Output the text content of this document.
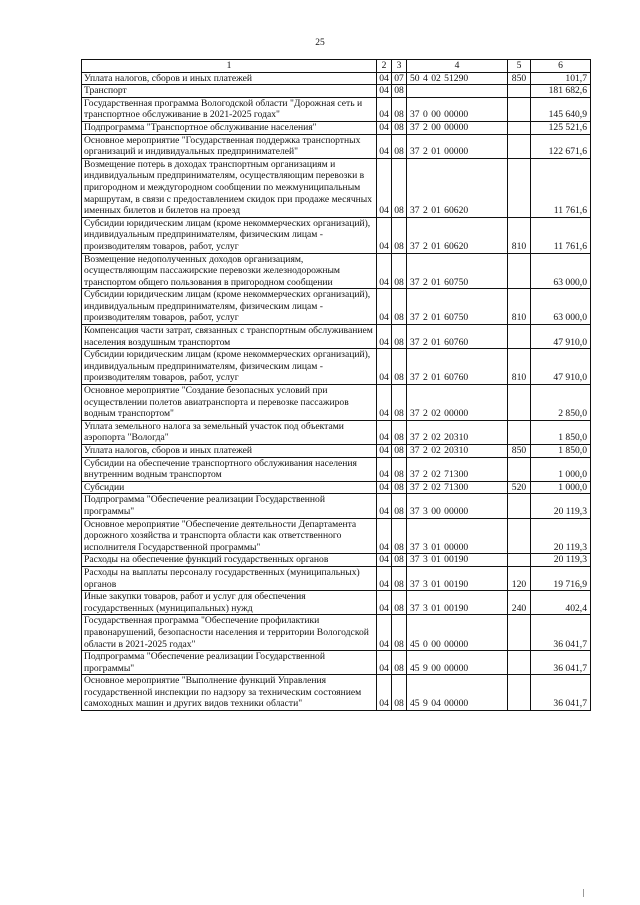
25
1	2	3	4	5	6
Уплата налогов, сборов и иных платежей	04	07	50 4 02 51290	850	101,7
Транспорт	04	08			181 682,6
Государственная программа Вологодской области "Дорожная сеть и транспортное обслуживание в 2021-2025 годах"	04	08	37 0 00 00000		145 640,9
Подпрограмма "Транспортное обслуживание населения"	04	08	37 2 00 00000		125 521,6
Основное мероприятие "Государственная поддержка транспортных организаций и индивидуальных предпринимателей"	04	08	37 2 01 00000		122 671,6
Возмещение потерь в доходах транспортным организациям и индивидуальным предпринимателям, осуществляющим перевозки в пригородном и междугородном сообщении по межмуниципальным маршрутам, в связи с предоставлением скидок при продаже месячных именных билетов и билетов на проезд	04	08	37 2 01 60620		11 761,6
Субсидии юридическим лицам (кроме некоммерческих организаций), индивидуальным предпринимателям, физическим лицам - производителям товаров, работ, услуг	04	08	37 2 01 60620	810	11 761,6
Возмещение недополученных доходов организациям, осуществляющим пассажирские перевозки железнодорожным транспортом общего пользования в пригородном сообщении	04	08	37 2 01 60750		63 000,0
Субсидии юридическим лицам (кроме некоммерческих организаций), индивидуальным предпринимателям, физическим лицам - производителям товаров, работ, услуг	04	08	37 2 01 60750	810	63 000,0
Компенсация части затрат, связанных с транспортным обслуживанием населения воздушным транспортом	04	08	37 2 01 60760		47 910,0
Субсидии юридическим лицам (кроме некоммерческих организаций), индивидуальным предпринимателям, физическим лицам - производителям товаров, работ, услуг	04	08	37 2 01 60760	810	47 910,0
Основное мероприятие "Создание безопасных условий при осуществлении полетов авиатранспорта и перевозке пассажиров водным транспортом"	04	08	37 2 02 00000		2 850,0
Уплата земельного налога за земельный участок под объектами аэропорта "Вологда"	04	08	37 2 02 20310		1 850,0
Уплата налогов, сборов и иных платежей	04	08	37 2 02 20310	850	1 850,0
Субсидии на обеспечение транспортного обслуживания населения внутренним водным транспортом	04	08	37 2 02 71300		1 000,0
Субсидии	04	08	37 2 02 71300	520	1 000,0
Подпрограмма "Обеспечение реализации Государственной программы"	04	08	37 3 00 00000		20 119,3
Основное мероприятие "Обеспечение деятельности Департамента дорожного хозяйства и транспорта области как ответственного исполнителя Государственной программы"	04	08	37 3 01 00000		20 119,3
Расходы на обеспечение функций государственных органов	04	08	37 3 01 00190		20 119,3
Расходы на выплаты персоналу государственных (муниципальных) органов	04	08	37 3 01 00190	120	19 716,9
Иные закупки товаров, работ и услуг для обеспечения государственных (муниципальных) нужд	04	08	37 3 01 00190	240	402,4
Государственная программа "Обеспечение профилактики правонарушений, безопасности населения и территории Вологодской области в 2021-2025 годах"	04	08	45 0 00 00000		36 041,7
Подпрограмма "Обеспечение реализации Государственной программы"	04	08	45 9 00 00000		36 041,7
Основное мероприятие "Выполнение функций Управления государственной инспекции по надзору за техническим состоянием самоходных машин и других видов техники области"	04	08	45 9 04 00000		36 041,7
